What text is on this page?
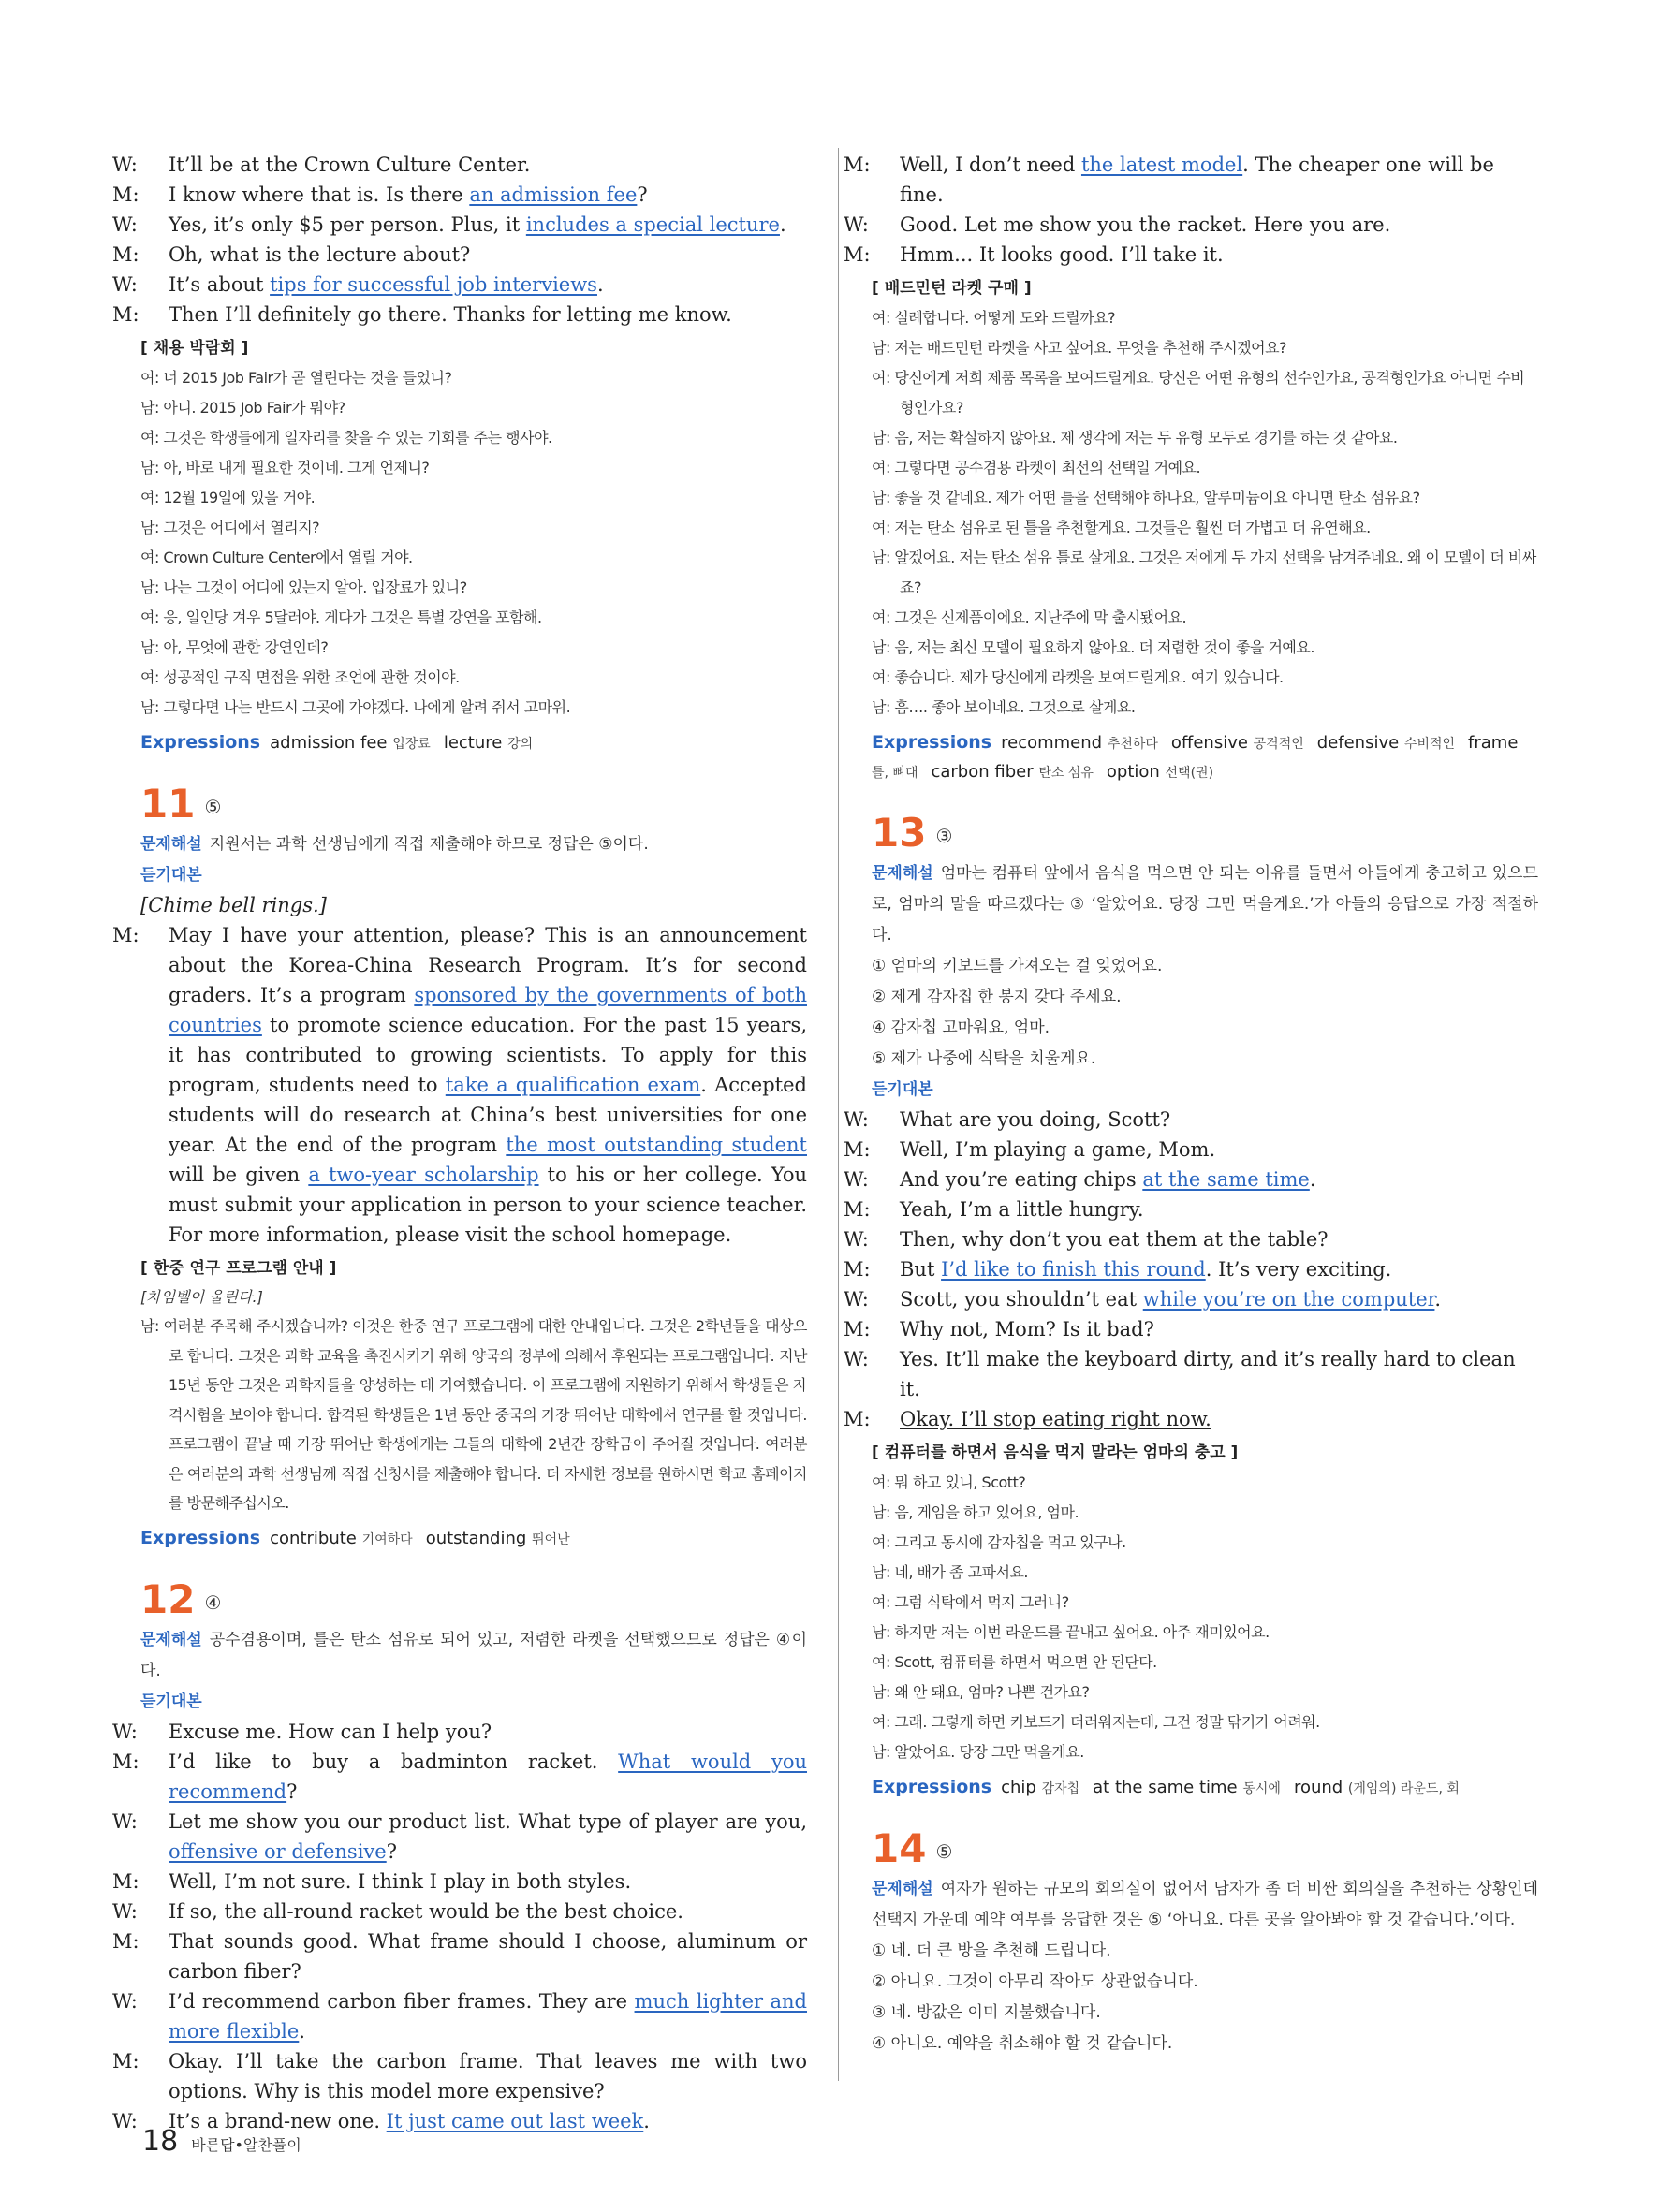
W: It’ll be at the Crown Culture Center.

M: I know where that is. Is there an admission fee?

W: Yes, it’s only $5 per person. Plus, it includes a special lecture.

M: Oh, what is the lecture about?

W: It’s about tips for successful job interviews.

M: Then I’ll definitely go there. Thanks for letting me know.

[ 채용 박람회 ]

여: 너 2015 Job Fair가 곧 열린다는 것을 들었니?

남: 아니. 2015 Job Fair가 뭐야?

여: 그것은 학생들에게 일자리를 찾을 수 있는 기회를 주는 행사야.

남: 아, 바로 내게 필요한 것이네. 그게 언제니?

여: 12월 19일에 있을 거야.

남: 그것은 어디에서 열리지?

여: Crown Culture Center에서 열릴 거야.

남: 나는 그것이 어디에 있는지 알아. 입장료가 있니?

여: 응, 일인당 겨우 5달러야. 게다가 그것은 특별 강연을 포함해.

남: 아, 무엇에 관한 강연인데?

여: 성공적인 구직 면접을 위한 조언에 관한 것이야.

남: 그렇다면 나는 반드시 그곳에 가야겠다. 나에게 알려 줘서 고마워.

Expressions admission fee 입장료 lecture 강의
11 ⑤

문제해설 지원서는 과학 선생님에게 직접 제출해야 하므로 정답은 ⑤이다.

듣기대본

[Chime bell rings.]

M: May I have your attention, please? This is an announcement about the Korea-China Research Program. It’s for second graders. It’s a program sponsored by the governments of both countries to promote science education. For the past 15 years, it has contributed to growing scientists. To apply for this program, students need to take a qualification exam. Accepted students will do research at China’s best universities for one year. At the end of the program the most outstanding student will be given a two-year scholarship to his or her college. You must submit your application in person to your science teacher. For more information, please visit the school homepage.

[ 한중 연구 프로그램 안내 ]

[차임벨이 울린다.]

남: 여러분 주목해 주시겠습니까? 이것은 한중 연구 프로그램에 대한 안내입니다. 그것은 2학년들을 대상으로 합니다. 그것은 과학 교육을 촉진시키기 위해 양국의 정부에 의해서 후원되는 프로그램입니다. 지난 15년 동안 그것은 과학자들을 양성하는 데 기여했습니다. 이 프로그램에 지원하기 위해서 학생들은 자격시험을 보아야 합니다. 합격된 학생들은 1년 동안 중국의 가장 뛰어난 대학에서 연구를 할 것입니다. 프로그램이 끝날 때 가장 뛰어난 학생에게는 그들의 대학에 2년간 장학금이 주어질 것입니다. 여러분은 여러분의 과학 선생님께 직접 신청서를 제출해야 합니다. 더 자세한 정보를 원하시면 학교 홈페이지를 방문해주십시오.

Expressions contribute 기여하다 outstanding 뛰어난
12 ④

문제해설 공수겸용이며, 틀은 탄소 섬유로 되어 있고, 저렴한 라켓을 선택했으므로 정답은 ④이다.

듣기대본

W: Excuse me. How can I help you?

M: I’d like to buy a badminton racket. What would you recommend?

W: Let me show you our product list. What type of player are you, offensive or defensive?

M: Well, I’m not sure. I think I play in both styles.

W: If so, the all-round racket would be the best choice.

M: That sounds good. What frame should I choose, aluminum or carbon fiber?

W: I’d recommend carbon fiber frames. They are much lighter and more flexible.

M: Okay. I’ll take the carbon frame. That leaves me with two options. Why is this model more expensive?

W: It’s a brand-new one. It just came out last week.

M: Well, I don’t need the latest model. The cheaper one will be fine.

W: Good. Let me show you the racket. Here you are.

M: Hmm... It looks good. I’ll take it.

[ 배드민턴 라켓 구매 ]

여: 실례합니다. 어떻게 도와 드릴까요?

남: 저는 배드민턴 라켓을 사고 싶어요. 무엇을 추천해 주시겠어요?

여: 당신에게 저희 제품 목록을 보여드릴게요. 당신은 어떤 유형의 선수인가요, 공격형인가요 아니면 수비형인가요?

남: 음, 저는 확실하지 않아요. 제 생각에 저는 두 유형 모두로 경기를 하는 것 같아요.

여: 그렇다면 공수겸용 라켓이 최선의 선택일 거예요.

남: 좋을 것 같네요. 제가 어떤 틀을 선택해야 하나요, 알루미늄이요 아니면 탄소 섬유요?

여: 저는 탄소 섬유로 된 틀을 추천할게요. 그것들은 훨씬 더 가볍고 더 유연해요.

남: 알겠어요. 저는 탄소 섬유 틀로 살게요. 그것은 저에게 두 가지 선택을 남겨주네요. 왜 이 모델이 더 비싸죠?

여: 그것은 신제품이에요. 지난주에 막 출시됐어요.

남: 음, 저는 최신 모델이 필요하지 않아요. 더 저렴한 것이 좋을 거예요.

여: 좋습니다. 제가 당신에게 라켓을 보여드릴게요. 여기 있습니다.

남: 흠…. 좋아 보이네요. 그것으로 살게요.

Expressions recommend 추천하다 offensive 공격적인 defensive 수비적인 frame 틀, 뼈대 carbon fiber 탄소 섬유 option 선택(권)
13 ③

문제해설 엄마는 컴퓨터 앞에서 음식을 먹으면 안 되는 이유를 들면서 아들에게 충고하고 있으므로, 엄마의 말을 따르겠다는 ③ ‘알았어요. 당장 그만 먹을게요.’가 아들의 응답으로 가장 적절하다.

① 엄마의 키보드를 가져오는 걸 잊었어요.

② 제게 감자칩 한 봉지 갖다 주세요.

④ 감자칩 고마워요, 엄마.

⑤ 제가 나중에 식탁을 치울게요.

듣기대본

W: What are you doing, Scott?

M: Well, I’m playing a game, Mom.

W: And you’re eating chips at the same time.

M: Yeah, I’m a little hungry.

W: Then, why don’t you eat them at the table?

M: But I’d like to finish this round. It’s very exciting.

W: Scott, you shouldn’t eat while you’re on the computer.

M: Why not, Mom? Is it bad?

W: Yes. It’ll make the keyboard dirty, and it’s really hard to clean it.

M: Okay. I’ll stop eating right now.

[ 컴퓨터를 하면서 음식을 먹지 말라는 엄마의 충고 ]

여: 뭐 하고 있니, Scott?

남: 음, 게임을 하고 있어요, 엄마.

여: 그리고 동시에 감자칩을 먹고 있구나.

남: 네, 배가 좀 고파서요.

여: 그럼 식탁에서 먹지 그러니?

남: 하지만 저는 이번 라운드를 끝내고 싶어요. 아주 재미있어요.

여: Scott, 컴퓨터를 하면서 먹으면 안 된단다.

남: 왜 안 돼요, 엄마? 나쁜 건가요?

여: 그래. 그렇게 하면 키보드가 더러워지는데, 그건 정말 닦기가 어려워.

남: 알았어요. 당장 그만 먹을게요.

Expressions chip 감자칩 at the same time 동시에 round (게임의) 라운드, 회
14 ⑤

문제해설 여자가 원하는 규모의 회의실이 없어서 남자가 좀 더 비싼 회의실을 추천하는 상황인데 선택지 가운데 예약 여부를 응답한 것은 ⑤ ‘아니요. 다른 곳을 알아봐야 할 것 같습니다.’이다.

① 네. 더 큰 방을 추천해 드립니다.

② 아니요. 그것이 아무리 작아도 상관없습니다.

③ 네. 방값은 이미 지불했습니다.

④ 아니요. 예약을 취소해야 할 것 같습니다.

18 바른답•알찬풀이
